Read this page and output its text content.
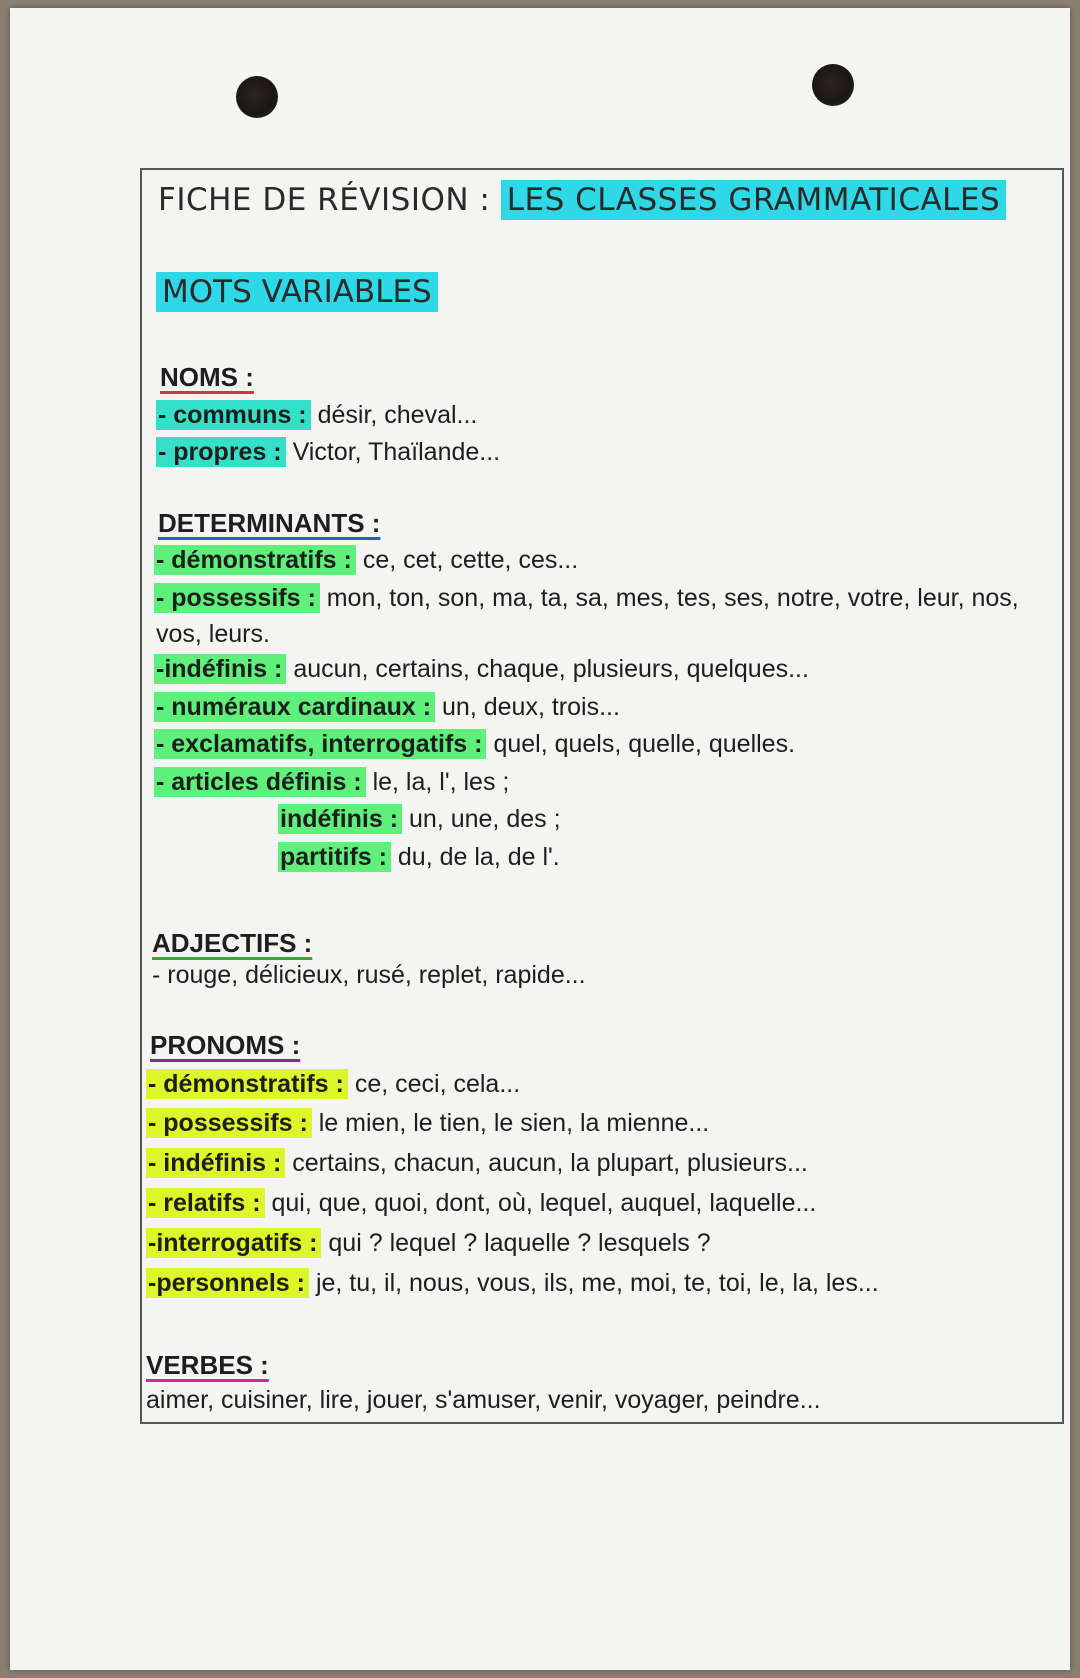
FICHE DE RÉVISION : LES CLASSES GRAMMATICALES
MOTS VARIABLES
NOMS :
- communs : désir, cheval...
- propres : Victor, Thaïlande...
DETERMINANTS :
- démonstratifs : ce, cet, cette, ces...
- possessifs : mon, ton, son, ma, ta, sa, mes, tes, ses, notre, votre, leur, nos,
vos, leurs.
-indéfinis : aucun, certains, chaque, plusieurs, quelques...
- numéraux cardinaux : un, deux, trois...
- exclamatifs, interrogatifs : quel, quels, quelle, quelles.
- articles définis : le, la, l', les ;
indéfinis : un, une, des ;
partitifs : du, de la, de l'.
ADJECTIFS :
- rouge, délicieux, rusé, replet, rapide...
PRONOMS :
- démonstratifs : ce, ceci, cela...
- possessifs : le mien, le tien, le sien, la mienne...
- indéfinis : certains, chacun, aucun, la plupart, plusieurs...
- relatifs : qui, que, quoi, dont, où, lequel, auquel, laquelle...
-interrogatifs : qui ? lequel ? laquelle ? lesquels ?
-personnels : je, tu, il, nous, vous, ils, me, moi, te, toi, le, la, les...
VERBES :
aimer, cuisiner, lire, jouer, s'amuser, venir, voyager, peindre...
